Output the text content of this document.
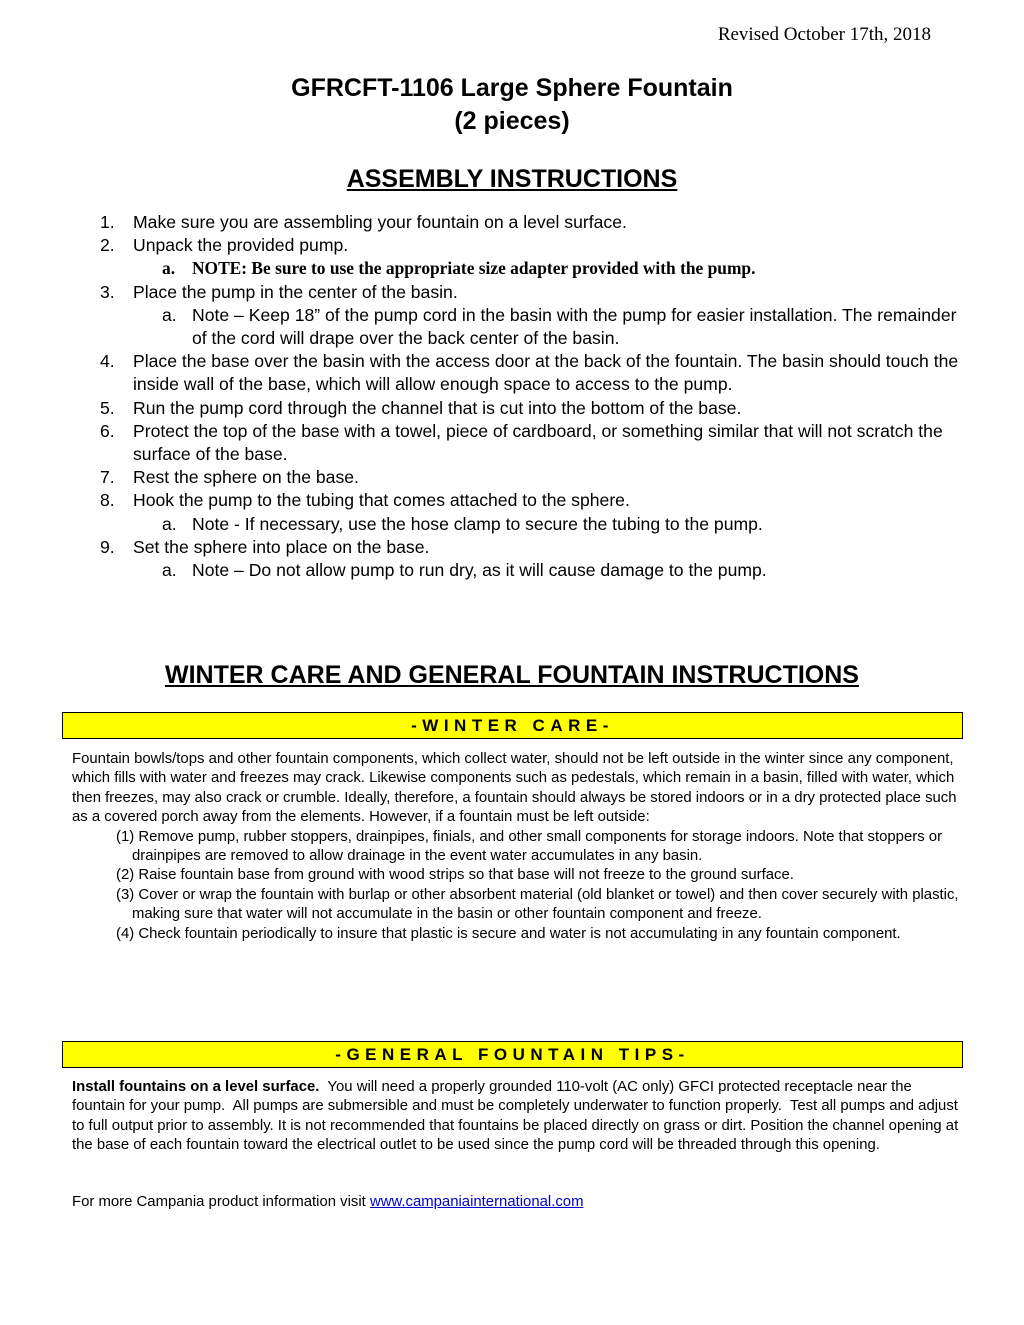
Revised October 17th, 2018
GFRCFT-1106 Large Sphere Fountain
(2 pieces)
ASSEMBLY INSTRUCTIONS
1. Make sure you are assembling your fountain on a level surface.
2. Unpack the provided pump.
a. NOTE: Be sure to use the appropriate size adapter provided with the pump.
3. Place the pump in the center of the basin.
a. Note – Keep 18” of the pump cord in the basin with the pump for easier installation. The remainder of the cord will drape over the back center of the basin.
4. Place the base over the basin with the access door at the back of the fountain. The basin should touch the inside wall of the base, which will allow enough space to access to the pump.
5. Run the pump cord through the channel that is cut into the bottom of the base.
6. Protect the top of the base with a towel, piece of cardboard, or something similar that will not scratch the surface of the base.
7. Rest the sphere on the base.
8. Hook the pump to the tubing that comes attached to the sphere.
a. Note - If necessary, use the hose clamp to secure the tubing to the pump.
9. Set the sphere into place on the base.
a. Note – Do not allow pump to run dry, as it will cause damage to the pump.
WINTER CARE AND GENERAL FOUNTAIN INSTRUCTIONS
-WINTER CARE-

Fountain bowls/tops and other fountain components, which collect water, should not be left outside in the winter since any component, which fills with water and freezes may crack. Likewise components such as pedestals, which remain in a basin, filled with water, which then freezes, may also crack or crumble. Ideally, therefore, a fountain should always be stored indoors or in a dry protected place such as a covered porch away from the elements. However, if a fountain must be left outside:

(1) Remove pump, rubber stoppers, drainpipes, finials, and other small components for storage indoors. Note that stoppers or drainpipes are removed to allow drainage in the event water accumulates in any basin.

(2) Raise fountain base from ground with wood strips so that base will not freeze to the ground surface.

(3) Cover or wrap the fountain with burlap or other absorbent material (old blanket or towel) and then cover securely with plastic, making sure that water will not accumulate in the basin or other fountain component and freeze.

(4) Check fountain periodically to insure that plastic is secure and water is not accumulating in any fountain component.

-GENERAL FOUNTAIN TIPS-

Install fountains on a level surface.  You will need a properly grounded 110-volt (AC only) GFCI protected receptacle near the fountain for your pump.  All pumps are submersible and must be completely underwater to function properly.  Test all pumps and adjust to full output prior to assembly. It is not recommended that fountains be placed directly on grass or dirt. Position the channel opening at the base of each fountain toward the electrical outlet to be used since the pump cord will be threaded through this opening.

For more Campania product information visit www.campaniainternational.com
